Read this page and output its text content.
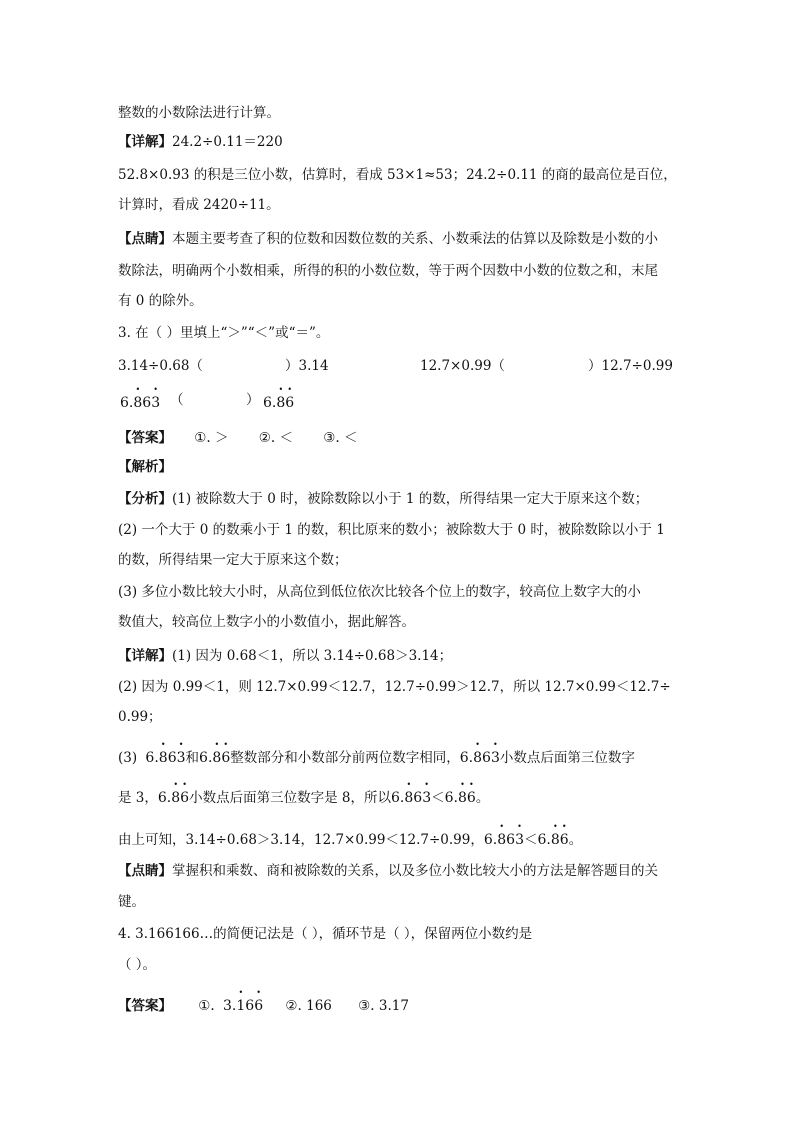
整数的小数除法进行计算。
【详解】24.2÷0.11＝220
52.8×0.93 的积是三位小数，估算时，看成 53×1≈53；24.2÷0.11 的商的最高位是百位，
计算时，看成 2420÷11。
【点睛】本题主要考查了积的位数和因数位数的关系、小数乘法的估算以及除数是小数的小
数除法，明确两个小数相乘，所得的积的小数位数，等于两个因数中小数的位数之和，末尾
有 0 的除外。
3. 在（ ）里填上“＞”“＜”或“＝”。
3.14÷0.68（	）3.14	12.7×0.99（	）12.7÷0.99
6.• 86• 3 （	） 6.• 8• 6
【答案】 ①. ＞ ②. ＜ ③. ＜
【解析】
【分析】(1) 被除数大于 0 时，被除数除以小于 1 的数，所得结果一定大于原来这个数；
(2) 一个大于 0 的数乘小于 1 的数，积比原来的数小；被除数大于 0 时，被除数除以小于 1
的数，所得结果一定大于原来这个数；
(3) 多位小数比较大小时，从高位到低位依次比较各个位上的数字，较高位上数字大的小
数值大，较高位上数字小的小数值小，据此解答。
【详解】(1) 因为 0.68＜1，所以 3.14÷0.68＞3.14；
(2) 因为 0.99＜1，则 12.7×0.99＜12.7，12.7÷0.99＞12.7，所以 12.7×0.99＜12.7÷
0.99；
(3) 6.• 86• 3和6.• 8• 6整数部分和小数部分前两位数字相同，6.• 86• 3小数点后面第三位数字
是 3，6.• 8• 6小数点后面第三位数字是 8，所以6.• 86• 3＜6.• 8• 6。
由上可知，3.14÷0.68＞3.14，12.7×0.99＜12.7÷0.99，6.• 86• 3＜6.• 8• 6。
【点睛】掌握积和乘数、商和被除数的关系，以及多位小数比较大小的方法是解答题目的关
键。
4. 3.166166…的简便记法是（ ），循环节是（ ），保留两位小数约是
（ ）。
【答案】 ①. 3.• 16• 6 ②. 166 ③. 3.17
